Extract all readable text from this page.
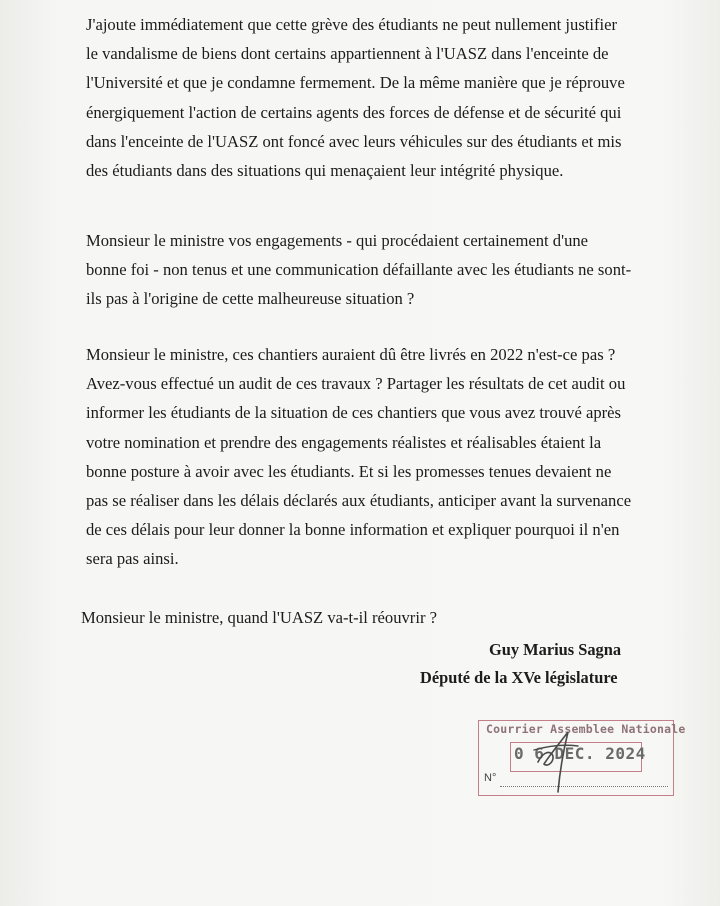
J'ajoute immédiatement que cette grève des étudiants ne peut nullement justifier
le vandalisme de biens dont certains appartiennent à l'UASZ dans l'enceinte de
l'Université et que je condamne fermement. De la même manière que je réprouve
énergiquement l'action de certains agents des forces de défense et de sécurité qui
dans l'enceinte de l'UASZ ont foncé avec leurs véhicules sur des étudiants et mis
des étudiants dans des situations qui menaçaient leur intégrité physique.
Monsieur le ministre vos engagements - qui procédaient certainement d'une
bonne foi - non tenus et une communication défaillante avec les étudiants ne sont-
ils pas à l'origine de cette malheureuse situation ?
Monsieur le ministre, ces chantiers auraient dû être livrés en 2022 n'est-ce pas ?
Avez-vous effectué un audit de ces travaux ? Partager les résultats de cet audit ou
informer les étudiants de la situation de ces chantiers que vous avez trouvé après
votre nomination et prendre des engagements réalistes et réalisables étaient la
bonne posture à avoir avec les étudiants. Et si les promesses tenues devaient ne
pas se réaliser dans les délais déclarés aux étudiants, anticiper avant la survenance
de ces délais pour leur donner la bonne information et expliquer pourquoi il n'en
sera pas ainsi.
Monsieur le ministre, quand l'UASZ va-t-il réouvrir ?
Guy Marius Sagna
Député de la XVe législature
Courrier Assemblee Nationale
0 6 DEC. 2024
N°
